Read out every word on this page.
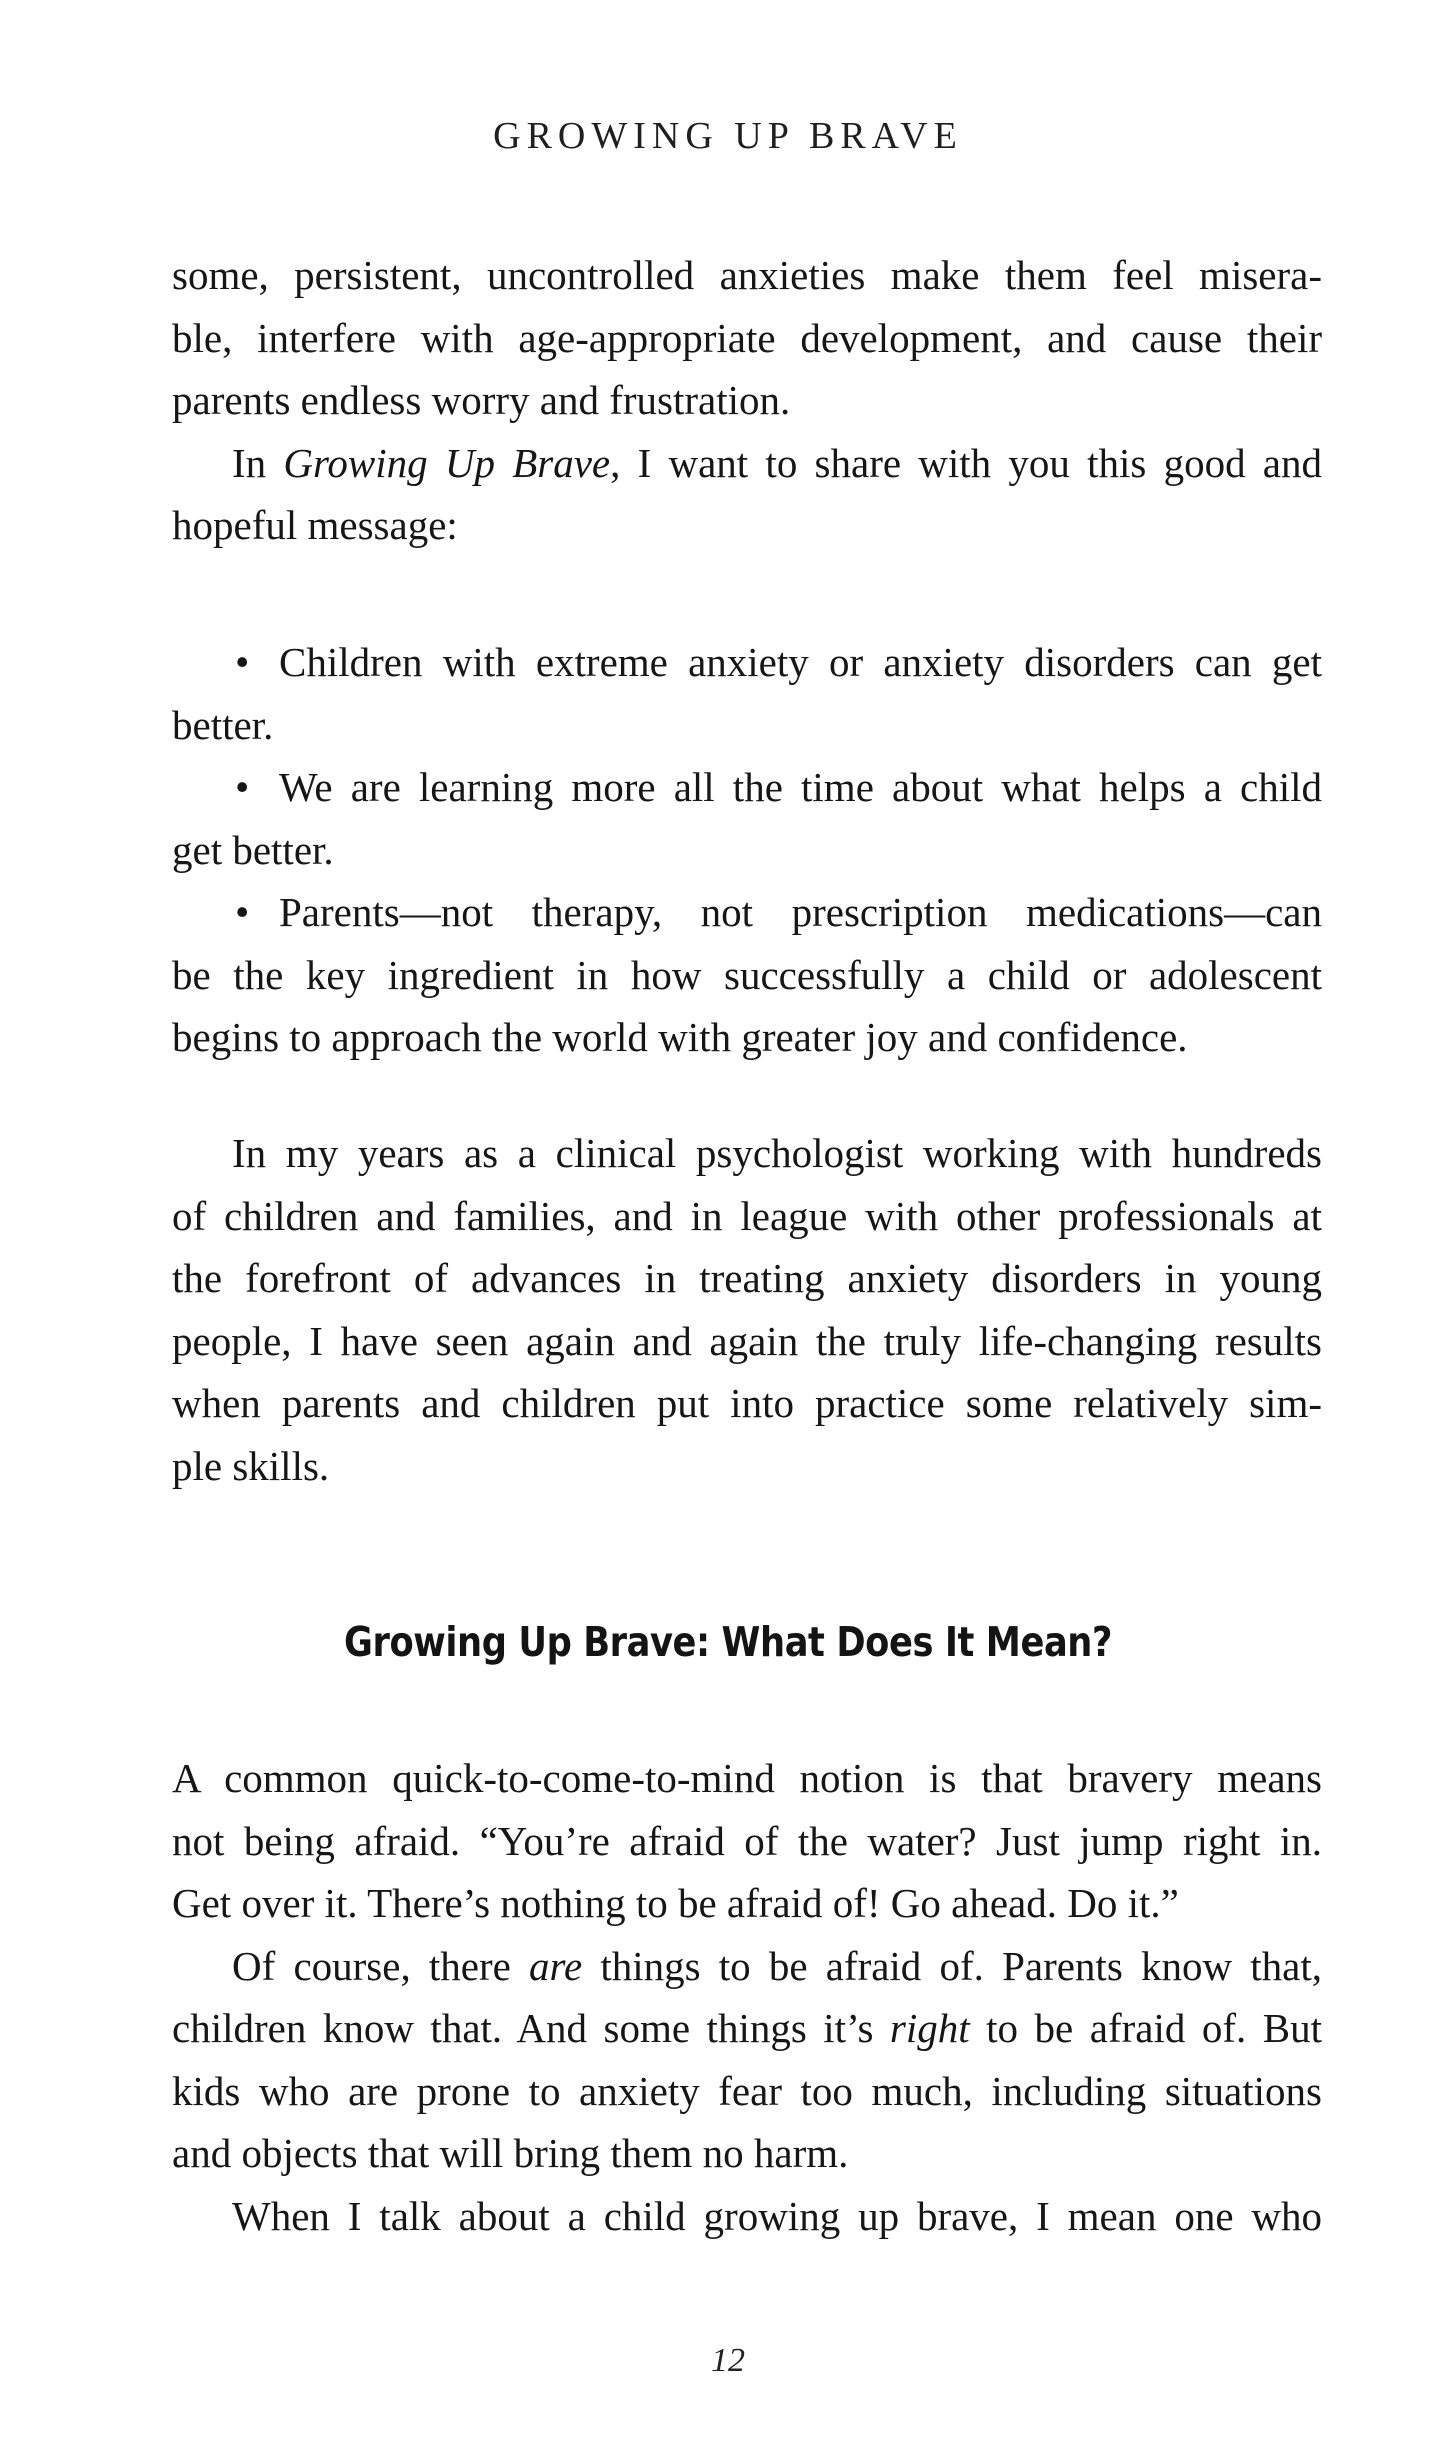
GROWING UP BRAVE

some, persistent, uncontrolled anxieties make them feel misera-
ble, interfere with age-appropriate development, and cause their
parents endless worry and frustration.

In Growing Up Brave, I want to share with you this good and
hopeful message:

• Children with extreme anxiety or anxiety disorders can get
better.

• We are learning more all the time about what helps a child
get better.

• Parents—not therapy, not prescription medications—can
be the key ingredient in how successfully a child or adolescent
begins to approach the world with greater joy and confidence.

In my years as a clinical psychologist working with hundreds
of children and families, and in league with other professionals at
the forefront of advances in treating anxiety disorders in young
people, I have seen again and again the truly life-changing results
when parents and children put into practice some relatively sim-
ple skills.

Growing Up Brave: What Does It Mean?

A common quick-to-come-to-mind notion is that bravery means
not being afraid. “You’re afraid of the water? Just jump right in.
Get over it. There’s nothing to be afraid of! Go ahead. Do it.”

Of course, there are things to be afraid of. Parents know that,
children know that. And some things it’s right to be afraid of. But
kids who are prone to anxiety fear too much, including situations
and objects that will bring them no harm.

When I talk about a child growing up brave, I mean one who

12
